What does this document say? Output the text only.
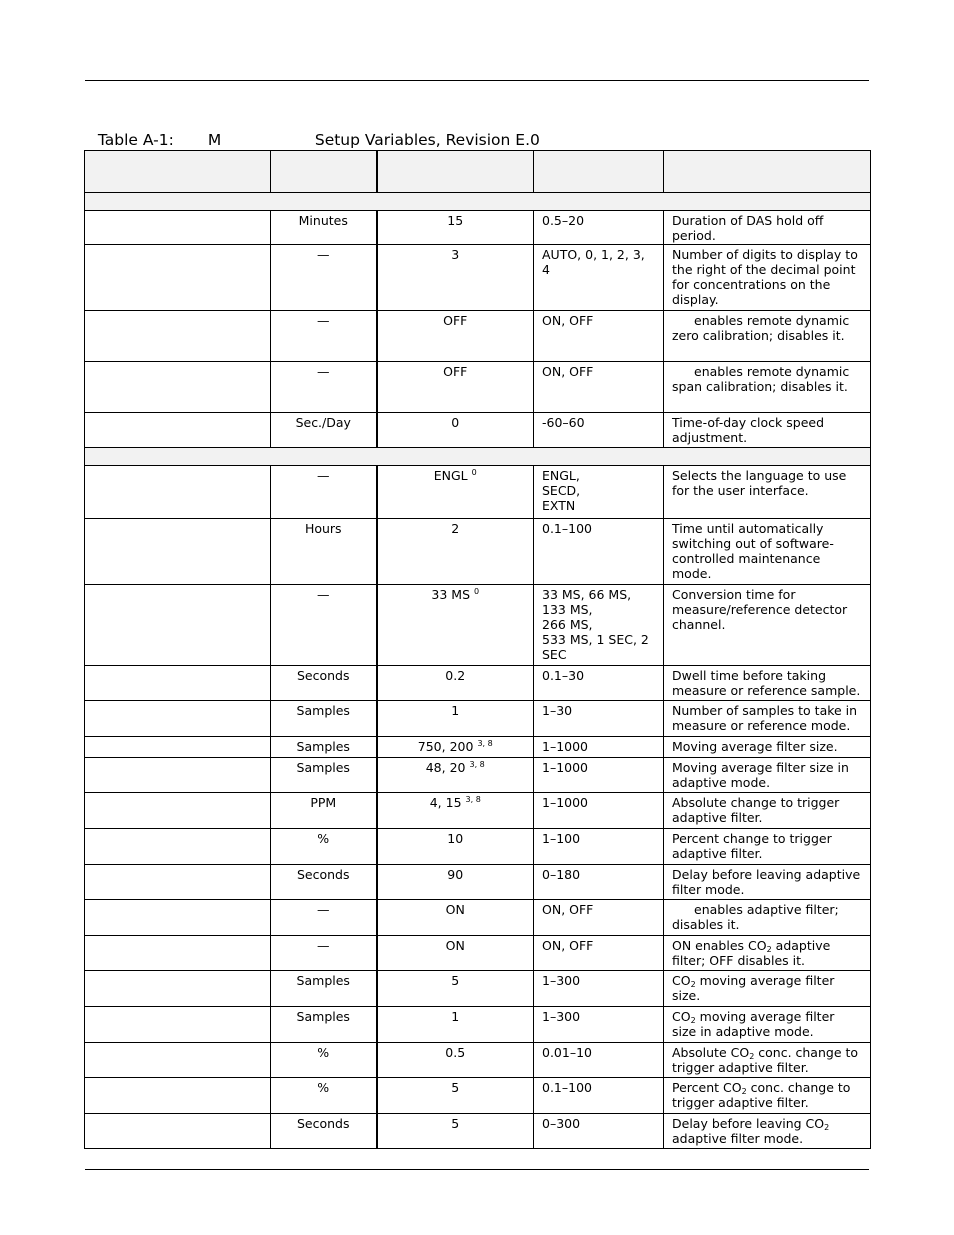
Table A-1: M	Setup Variables, Revision E.0

	Minutes	15	0.5–20	Duration of DAS hold off period.
	—	3	AUTO, 0, 1, 2, 3, 4	Number of digits to display to the right of the decimal point for concentrations on the display.
	—	OFF	ON, OFF	enables remote dynamic zero calibration; disables it.
	—	OFF	ON, OFF	enables remote dynamic span calibration; disables it.
	Sec./Day	0	-60–60	Time-of-day clock speed adjustment.

	—	ENGL $^0$	ENGL,
SECD,
EXTN	Selects the language to use for the user interface.
	Hours	2	0.1–100	Time until automatically switching out of software-controlled maintenance mode.
	—	33 MS $^0$	33 MS, 66 MS, 133 MS,
266 MS,
533 MS, 1 SEC, 2 SEC	Conversion time for measure/reference detector channel.
	Seconds	0.2	0.1–30	Dwell time before taking measure or reference sample.
	Samples	1	1–30	Number of samples to take in measure or reference mode.
	Samples	750, 200 $^{3, 8}$	1–1000	Moving average filter size.
	Samples	48, 20 $^{3, 8}$	1–1000	Moving average filter size in adaptive mode.
	PPM	4, 15 $^{3, 8}$	1–1000	Absolute change to trigger adaptive filter.
	%	10	1–100	Percent change to trigger adaptive filter.
	Seconds	90	0–180	Delay before leaving adaptive filter mode.
	—	ON	ON, OFF	enables adaptive filter;
disables it.
	—	ON	ON, OFF	ON enables $CO_2$ adaptive filter; OFF disables it.
	Samples	5	1–300	$CO_2$ moving average filter size.
	Samples	1	1–300	$CO_2$ moving average filter size in adaptive mode.
	%	0.5	0.01–10	Absolute $CO_2$ conc. change to trigger adaptive filter.
	%	5	0.1–100	Percent $CO_2$ conc. change to trigger adaptive filter.
	Seconds	5	0–300	Delay before leaving $CO_2$ adaptive filter mode.
